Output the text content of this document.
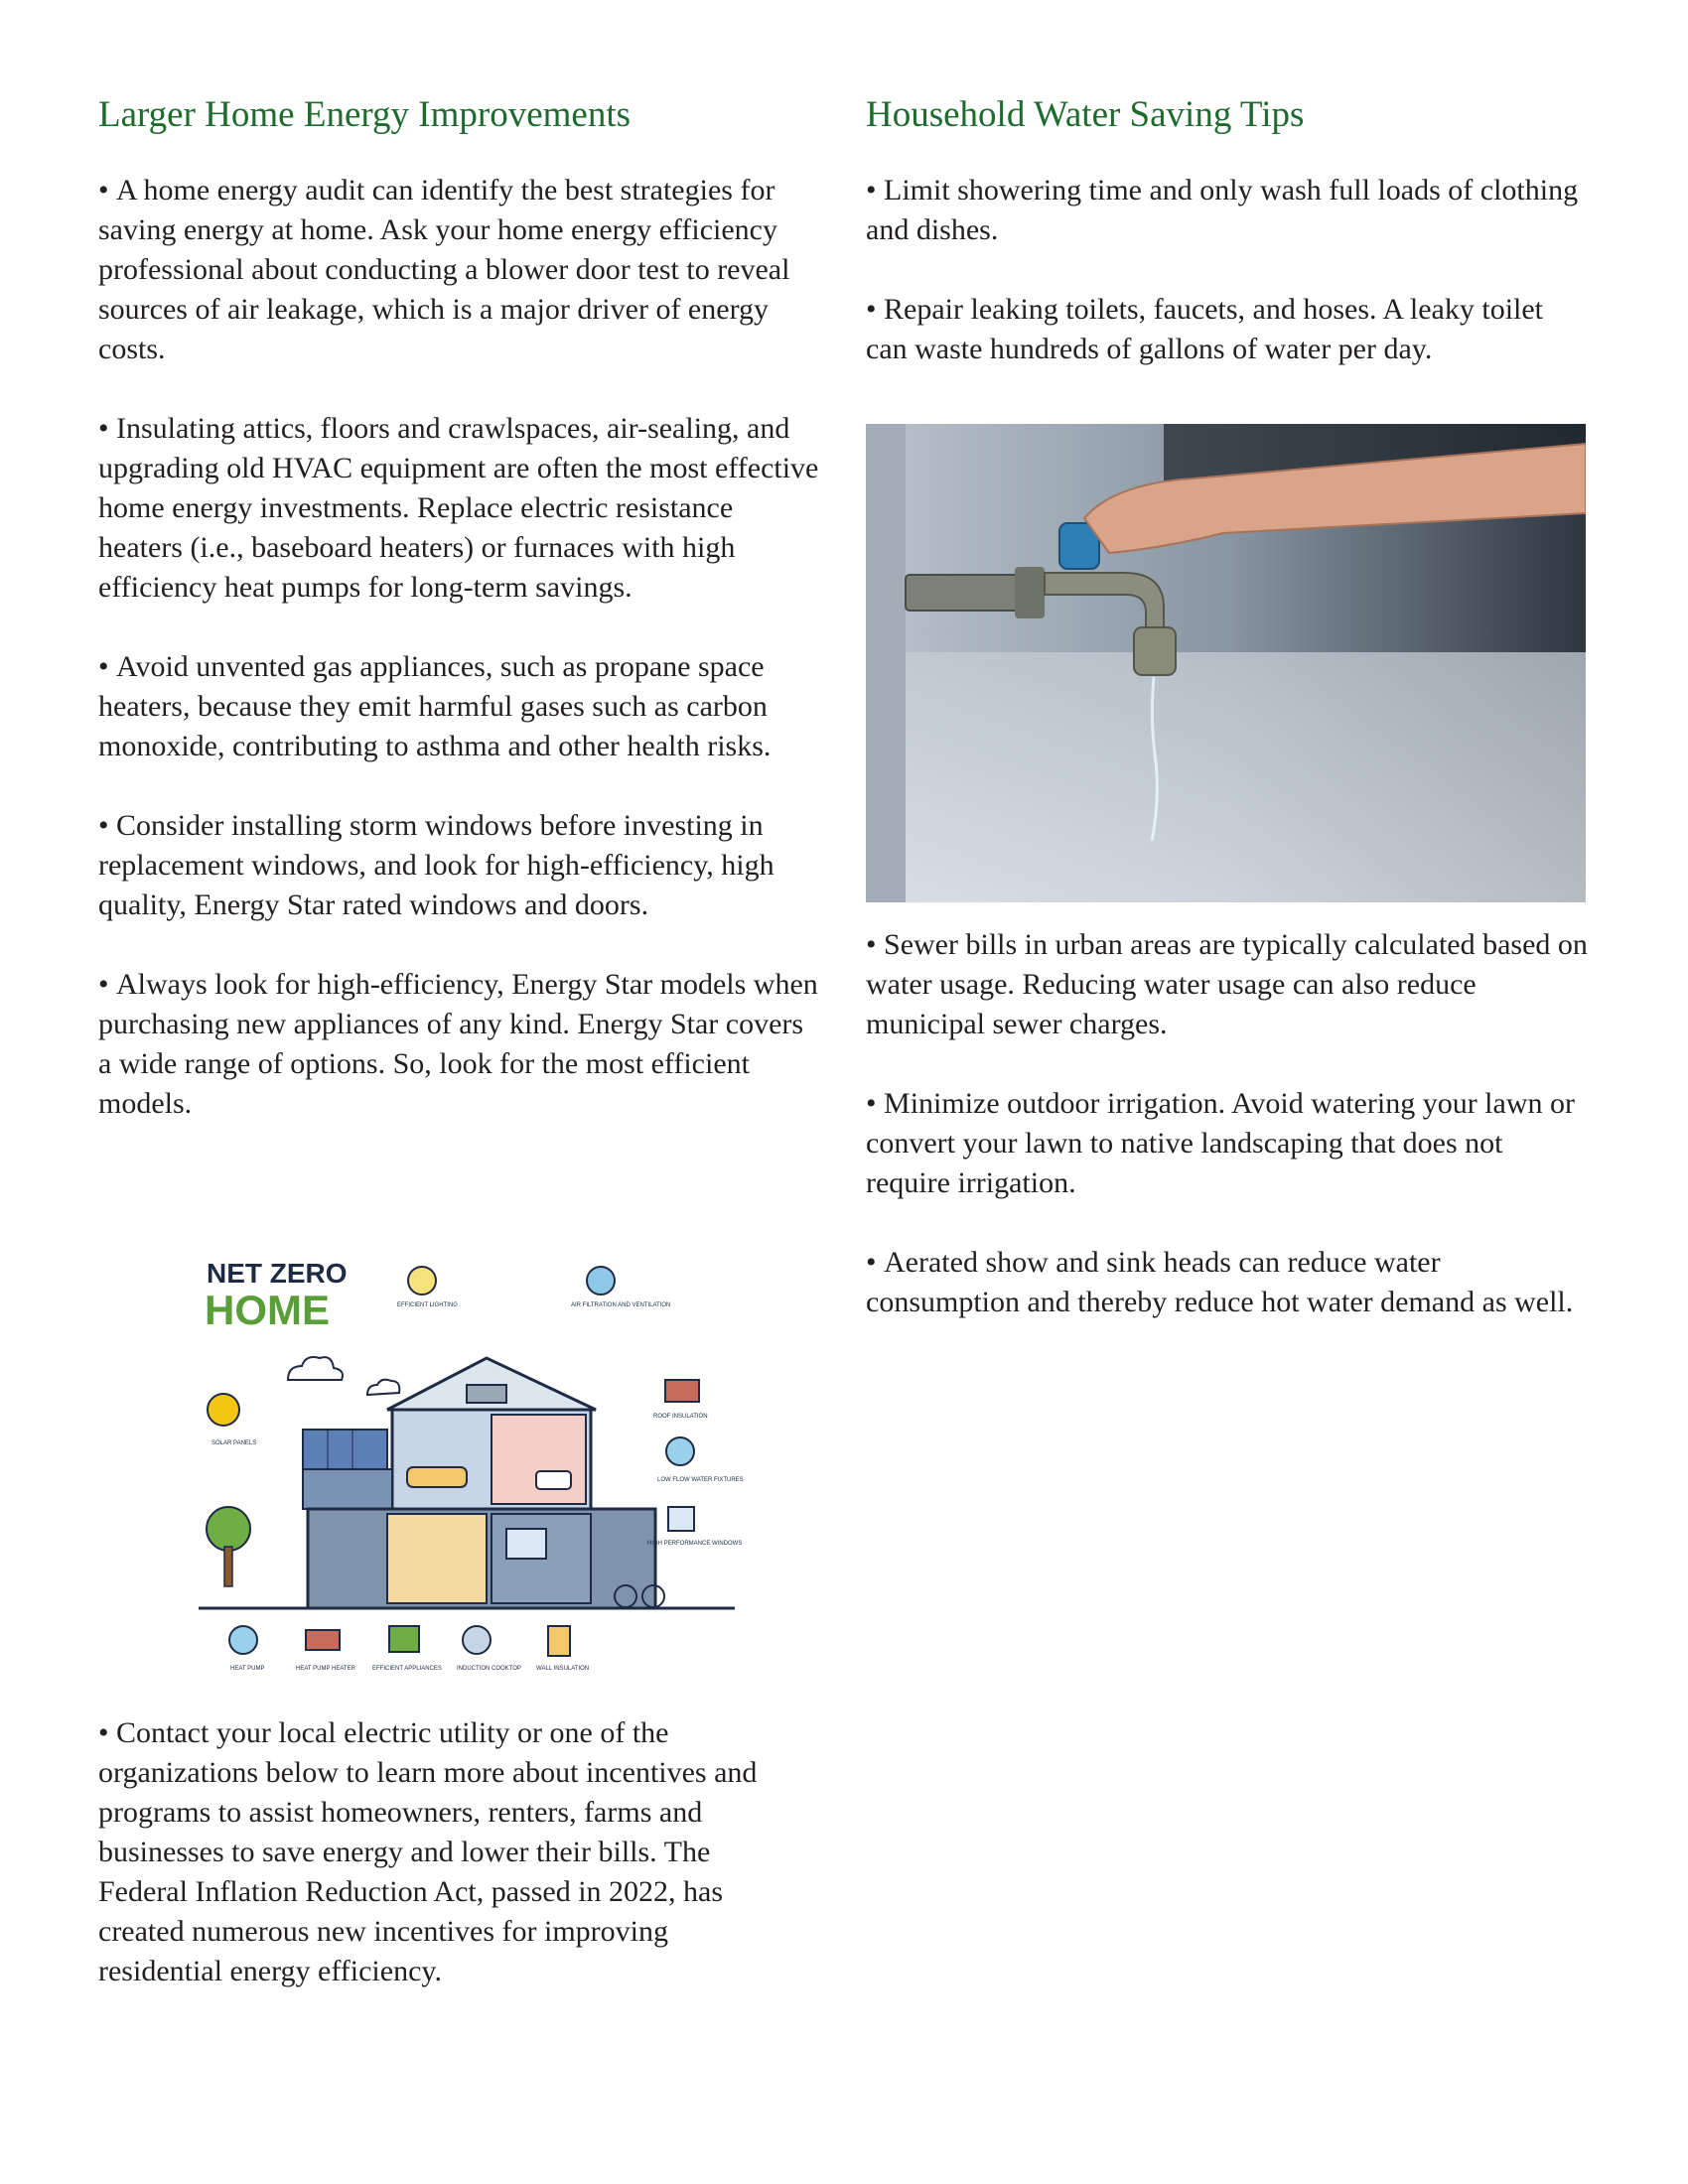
Larger Home Energy Improvements

• A home energy audit can identify the best strategies for saving energy at home. Ask your home energy efficiency professional about conducting a blower door test to reveal sources of air leakage, which is a major driver of energy costs.

• Insulating attics, floors and crawlspaces, air-sealing, and upgrading old HVAC equipment are often the most effective home energy investments. Replace electric resistance heaters (i.e., baseboard heaters) or furnaces with high efficiency heat pumps for long-term savings.

• Avoid unvented gas appliances, such as propane space heaters, because they emit harmful gases such as carbon monoxide, contributing to asthma and other health risks.

• Consider installing storm windows before investing in replacement windows, and look for high-efficiency, high quality, Energy Star rated windows and doors.

• Always look for high-efficiency, Energy Star models when purchasing new appliances of any kind. Energy Star covers a wide range of options. So, look for the most efficient models.

• Contact your local electric utility or one of the organizations below to learn more about incentives and programs to assist homeowners, renters, farms and businesses to save energy and lower their bills. The Federal Inflation Reduction Act, passed in 2022, has created numerous new incentives for improving residential energy efficiency.

NET ZERO
HOME
SOLAR PANELS
ROOF INSULATION
LOW FLOW WATER FIXTURES
HIGH PERFORMANCE WINDOWS
EFFICIENT LIGHTING	AIR FILTRATION AND VENTILATION
HEAT PUMP	HEAT PUMP HEATER	EFFICIENT APPLIANCES	INDUCTION COOKTOP	WALL INSULATION
Household Water Saving Tips

• Limit showering time and only wash full loads of clothing and dishes.

• Repair leaking toilets, faucets, and hoses. A leaky toilet can waste hundreds of gallons of water per day.

• Sewer bills in urban areas are typically calculated based on water usage. Reducing water usage can also reduce municipal sewer charges.

• Minimize outdoor irrigation. Avoid watering your lawn or convert your lawn to native landscaping that does not require irrigation.

• Aerated show and sink heads can reduce water consumption and thereby reduce hot water demand as well.
